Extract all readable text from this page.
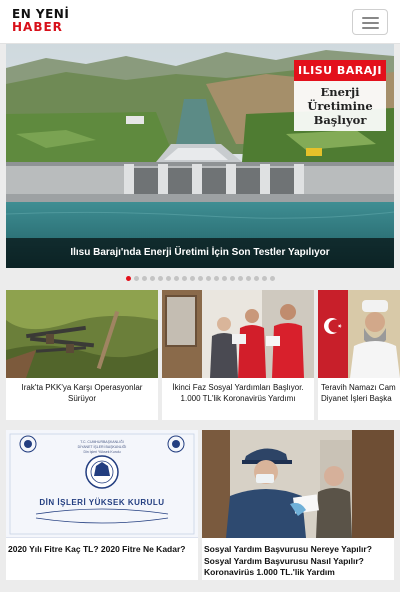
EN YENİ
HABER
ILISU BARAJI
Enerji
Üretimine
Başlıyor
Ilısu Barajı'nda Enerji Üretimi İçin Son Testler Yapılıyor
Irak'ta PKK'ya Karşı Operasyonlar Sürüyor
İkinci Faz Sosyal Yardımları Başlıyor. 1.000 TL'lik Koronavirüs Yardımı
Teravih Namazı Cam
Diyanet İşleri Başka
T.C. CUMHURBAŞKANLIĞI
DİYANET İŞLERİ BAŞKANLIĞI
Din İşleri Yüksek Kurulu
DİN İŞLERİ YÜKSEK KURULU
2020 Yılı Fitre Kaç TL? 2020 Fitre Ne Kadar?	Sosyal Yardım Başvurusu Nereye Yapılır? Sosyal Yardım Başvurusu Nasıl Yapılır? Koronavirüs 1.000 TL.'lik Yardım
